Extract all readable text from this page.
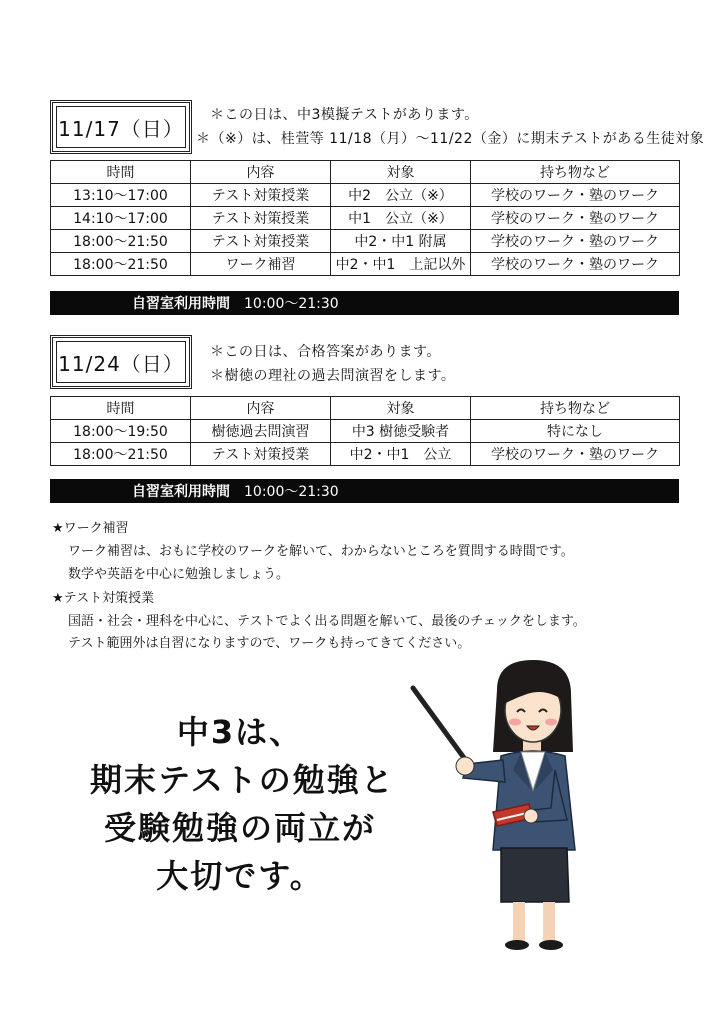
11/17（日）
＊この日は、中3模擬テストがあります。
＊（※）は、桂萱等 11/18（月）～11/22（金）に期末テストがある生徒対象
時間	内容	対象	持ち物など
13:10～17:00	テスト対策授業	中2　公立（※）	学校のワーク・塾のワーク
14:10～17:00	テスト対策授業	中1　公立（※）	学校のワーク・塾のワーク
18:00～21:50	テスト対策授業	中2・中1 附属	学校のワーク・塾のワーク
18:00～21:50	ワーク補習	中2・中1　上記以外	学校のワーク・塾のワーク
自習室利用時間 10:00～21:30
11/24（日） ＊この日は、合格答案があります。
＊樹徳の理社の過去問演習をします。
時間	内容	対象	持ち物など
18:00～19:50	樹徳過去問演習	中3 樹徳受験者	特になし
18:00～21:50	テスト対策授業	中2・中1　公立	学校のワーク・塾のワーク
自習室利用時間 10:00～21:30
★ワーク補習
ワーク補習は、おもに学校のワークを解いて、わからないところを質問する時間です。
数学や英語を中心に勉強しましょう。
★テスト対策授業
国語・社会・理科を中心に、テストでよく出る問題を解いて、最後のチェックをします。
テスト範囲外は自習になりますので、ワークも持ってきてください。
中3は、
期末テストの勉強と
受験勉強の両立が
大切です。
